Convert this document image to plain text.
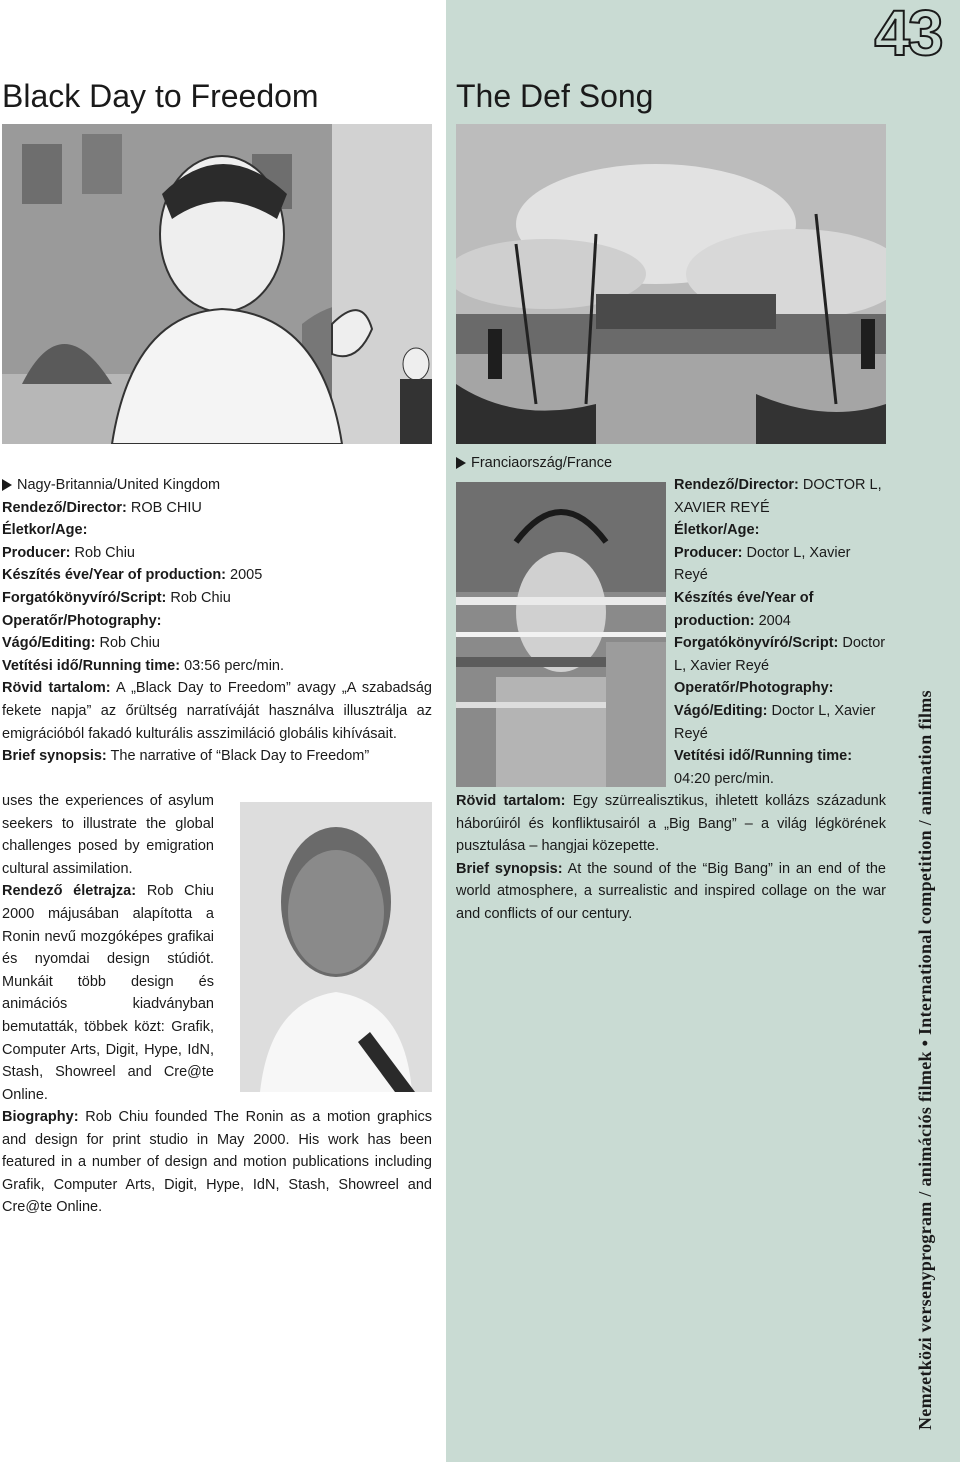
43
Black Day to Freedom	The Def Song
Nagy-Britannia/United Kingdom
Rendező/Director: ROB CHIU
Életkor/Age:
Producer: Rob Chiu
Készítés éve/Year of production: 2005
Forgatókönyvíró/Script: Rob Chiu
Operatőr/Photography:
Vágó/Editing: Rob Chiu
Vetítési idő/Running time: 03:56 perc/min.
Rövid tartalom: A „Black Day to Freedom” avagy „A szabadság fekete napja” az őrültség narratíváját használva illusztrálja az emigrációból fakadó kulturális asszimiláció globális kihívásait.
Brief synopsis: The narrative of “Black Day to Freedom”
uses the experiences of asylum seekers to illustrate the global challenges posed by emigration cultural assimilation.
Rendező életrajza: Rob Chiu 2000 májusában alapította a Ronin nevű mozgóképes grafikai és nyomdai design stúdiót. Munkáit több design és animációs kiadványban bemutatták, többek közt: Grafik, Computer Arts, Digit, Hype, IdN, Stash, Showreel and Cre@te Online.
Biography: Rob Chiu founded The Ronin as a motion graphics and design for print studio in May 2000. His work has been featured in a number of design and motion publications including Grafik, Computer Arts, Digit, Hype, IdN, Stash, Showreel and Cre@te Online.
Franciaország/France
Rendező/Director: DOCTOR L, XAVIER REYÉ
Életkor/Age:
Producer: Doctor L, Xavier Reyé
Készítés éve/Year of production: 2004
Forgatókönyvíró/Script: Doctor L, Xavier Reyé
Operatőr/Photography:
Vágó/Editing: Doctor L, Xavier Reyé
Vetítési idő/Running time: 04:20 perc/min.
Rövid tartalom: Egy szürrealisztikus, ihletett kollázs századunk háborúiról és konfliktusairól a „Big Bang” – a világ légkörének pusztulása – hangjai közepette.
Brief synopsis: At the sound of the “Big Bang” in an end of the world atmosphere, a surrealistic and inspired collage on the war and conflicts of our century.	Nemzetközi versenyprogram / animációs filmek • International competition / animation films
